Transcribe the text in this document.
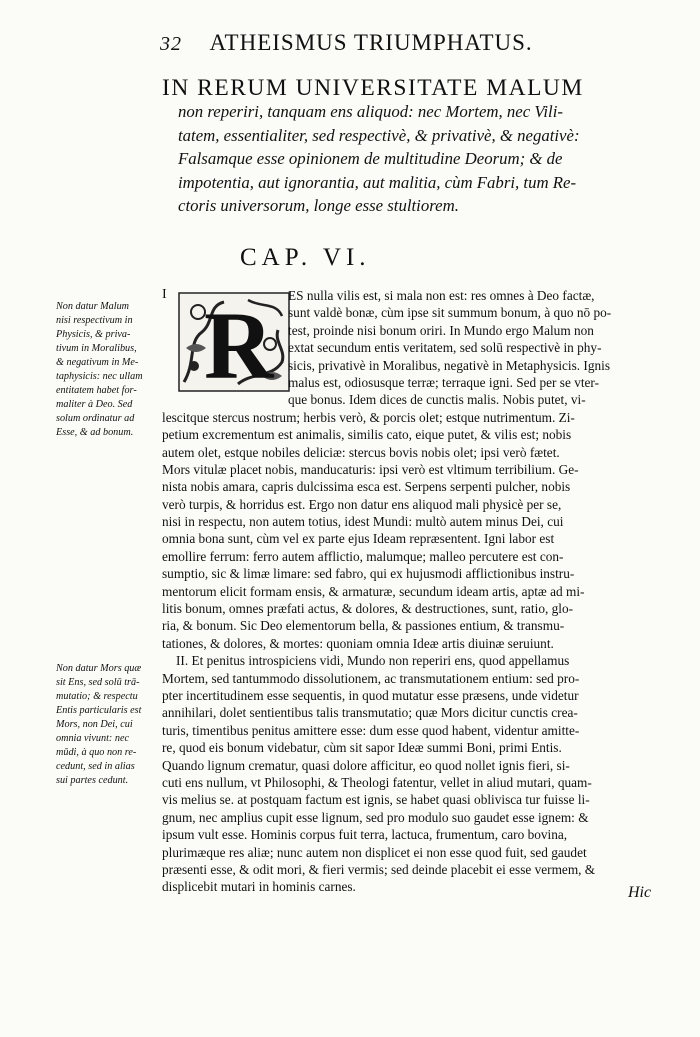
32 ATHEISMUS TRIUMPHATUS.
IN RERUM UNIVERSITATE MALUM
non reperiri, tanquam ens aliquod: nec Mortem, nec Vili-
tatem, essentialiter, sed respectivè, & privativè, & negativè:
Falsamque esse opinionem de multitudine Deorum; & de
impotentia, aut ignorantia, aut malitia, cùm Fabri, tum Re-
ctoris universorum, longe esse stultiorem.
CAP. VI.
I R	ES nulla vilis est, si mala non est: res omnes à Deo factæ,
sunt valdè bonæ, cùm ipse sit summum bonum, à quo nō po-
test, proinde nisi bonum oriri. In Mundo ergo Malum non
extat secundum entis veritatem, sed solū respectivè in phy-
sicis, privativè in Moralibus, negativè in Metaphysicis. Ignis
malus est, odiosusque terræ; terraque igni. Sed per se vter-
que bonus. Idem dices de cunctis malis. Nobis putet, vi-
lescitque stercus nostrum; herbis verò, & porcis olet; estque nutrimentum. Zi-
petium excrementum est animalis, similis cato, eique putet, & vilis est; nobis
autem olet, estque nobiles deliciæ: stercus bovis nobis olet; ipsi verò fætet.
Mors vitulæ placet nobis, manducaturis: ipsi verò est vltimum terribilium. Ge-
nista nobis amara, capris dulcissima esca est. Serpens serpenti pulcher, nobis
verò turpis, & horridus est. Ergo non datur ens aliquod mali physicè per se,
nisi in respectu, non autem totius, idest Mundi: multò autem minus Dei, cui
omnia bona sunt, cùm vel ex parte ejus Ideam repræsentent. Igni labor est
emollire ferrum: ferro autem afflictio, malumque; malleo percutere est con-
sumptio, sic & limæ limare: sed fabro, qui ex hujusmodi afflictionibus instru-
mentorum elicit formam ensis, & armaturæ, secundum ideam artis, aptæ ad mi-
litis bonum, omnes præfati actus, & dolores, & destructiones, sunt, ratio, glo-
ria, & bonum. Sic Deo elementorum bella, & passiones entium, & transmu-
tationes, & dolores, & mortes: quoniam omnia Ideæ artis diuinæ seruiunt.
II. Et penitus introspiciens vidi, Mundo non reperiri ens, quod appellamus
Mortem, sed tantummodo dissolutionem, ac transmutationem entium: sed pro-
pter incertitudinem esse sequentis, in quod mutatur esse præsens, unde videtur
annihilari, dolet sentientibus talis transmutatio; quæ Mors dicitur cunctis crea-
turis, timentibus penitus amittere esse: dum esse quod habent, videntur amitte-
re, quod eis bonum videbatur, cùm sit sapor Ideæ summi Boni, primi Entis.
Quando lignum crematur, quasi dolore afficitur, eo quod nollet ignis fieri, si-
cuti ens nullum, vt Philosophi, & Theologi fatentur, vellet in aliud mutari, quam-
vis melius se. at postquam factum est ignis, se habet quasi oblivisca tur fuisse li-
gnum, nec amplius cupit esse lignum, sed pro modulo suo gaudet esse ignem: &
ipsum vult esse. Hominis corpus fuit terra, lactuca, frumentum, caro bovina,
plurimæque res aliæ; nunc autem non displicet ei non esse quod fuit, sed gaudet
præsenti esse, & odit mori, & fieri vermis; sed deinde placebit ei esse vermem, &
displicebit mutari in hominis carnes.
Non datur Malum
nisi respectivum in
Physicis, & priva-
tivum in Moralibus,
& negativum in Me-
taphysicis: nec ullam
entitatem habet for-
maliter à Deo. Sed
solum ordinatur ad
Esse, & ad bonum.
Non datur Mors quæ
sit Ens, sed solū trā-
mutatio; & respectu
Entis particularis est
Mors, non Dei, cui
omnia vivunt: nec
mūdi, à quo non re-
cedunt, sed in alias
sui partes cedunt.
Hic
